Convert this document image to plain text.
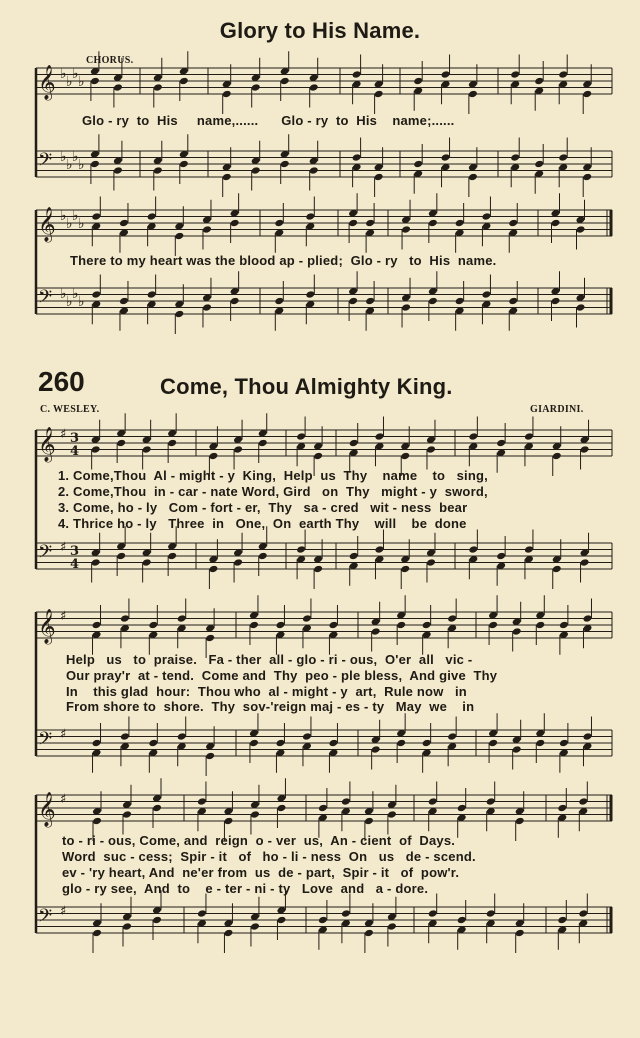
Glory to His Name.
CHORUS.
Glo - ry  to  His     name,......      Glo - ry  to  His    name;......
There to my heart was the blood ap - plied;  Glo - ry   to  His  name.
260	Come, Thou Almighty King.
C. WESLEY.	GIARDINI.
1. Come,Thou  Al - might - y  King,  Help  us  Thy    name    to   sing,
2. Come,Thou  in - car - nate Word, Gird   on  Thy   might - y  sword,
3. Come, ho - ly   Com - fort - er,  Thy   sa - cred   wit - ness  bear
4. Thrice ho - ly   Three  in   One,  On  earth Thy    will    be  done
Help   us   to  praise.   Fa - ther  all - glo - ri - ous,  O'er  all   vic -
Our pray'r  at - tend.  Come and  Thy  peo - ple bless,  And give  Thy
In    this glad  hour:  Thou who  al - might - y  art,  Rule now   in
From shore to  shore.  Thy  sov-'reign maj - es - ty   May  we    in
to - ri - ous, Come, and  reign  o - ver  us,  An - cient  of  Days.
Word  suc - cess;  Spir - it   of   ho - li - ness  On   us   de - scend.
ev - 'ry heart, And  ne'er from  us  de - part,  Spir - it   of  pow'r.
glo - ry see,  And  to    e - ter - ni - ty   Love  and   a - dore.
𝄞
𝄢
𝄞
𝄢
𝄞
𝄢
𝄞
𝄢
𝄞
𝄢
♭ ♭ ♭ ♭
♭ ♭ ♭ ♭
♭ ♭ ♭ ♭
♭ ♭ ♭ ♭
♯
♯
♯
♯
♯
♯
3
4
3
4
